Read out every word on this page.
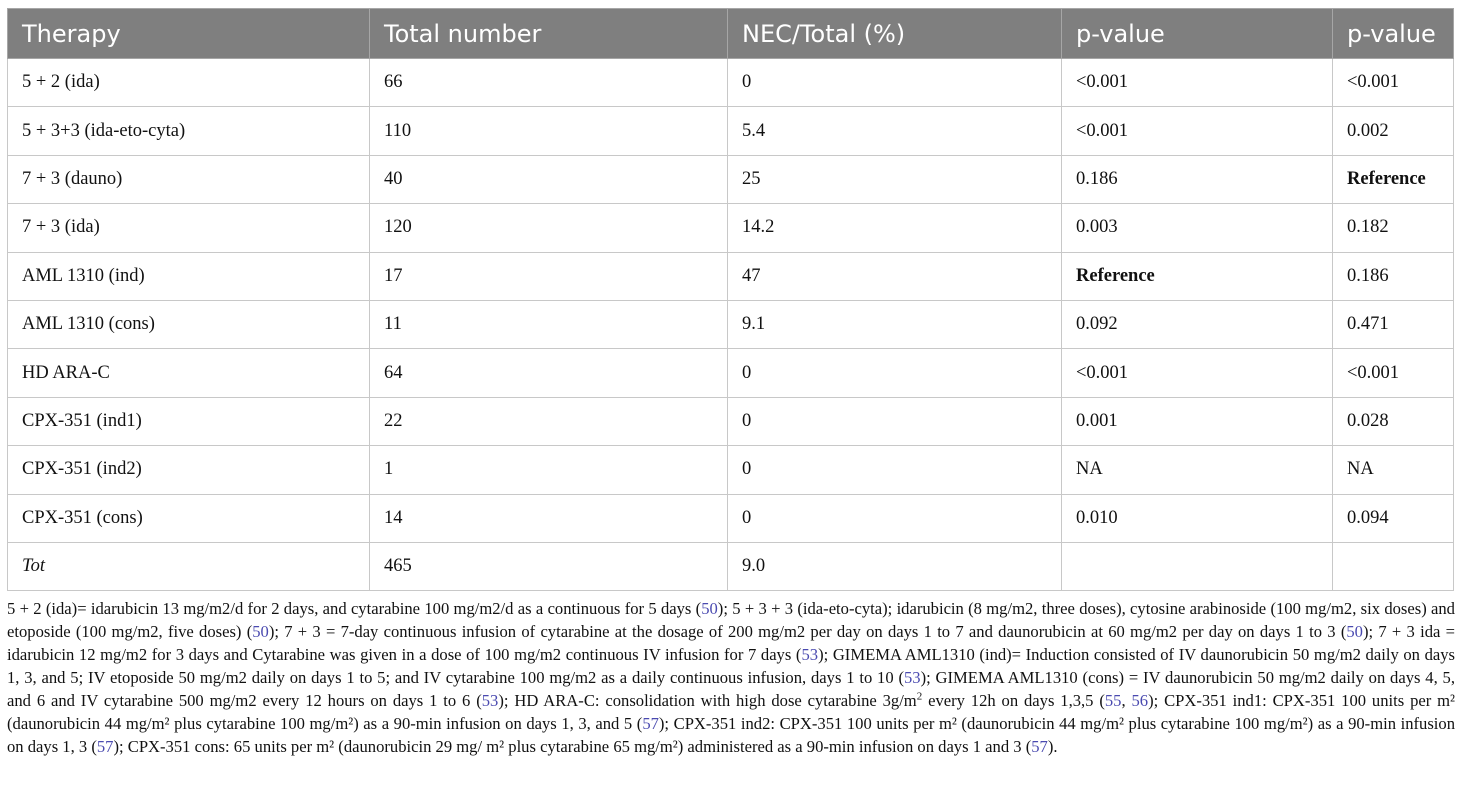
Therapy	Total number	NEC/Total (%)	p-value	p-value
5 + 2 (ida)	66	0	<0.001	<0.001
5 + 3+3 (ida-eto-cyta)	110	5.4	<0.001	0.002
7 + 3 (dauno)	40	25	0.186	Reference
7 + 3 (ida)	120	14.2	0.003	0.182
AML 1310 (ind)	17	47	Reference	0.186
AML 1310 (cons)	11	9.1	0.092	0.471
HD ARA-C	64	0	<0.001	<0.001
CPX-351 (ind1)	22	0	0.001	0.028
CPX-351 (ind2)	1	0	NA	NA
CPX-351 (cons)	14	0	0.010	0.094
Tot	465	9.0		
5 + 2 (ida)= idarubicin 13 mg/m2/d for 2 days, and cytarabine 100 mg/m2/d as a continuous for 5 days (50); 5 + 3 + 3 (ida-eto-cyta); idarubicin (8 mg/m2, three doses), cytosine arabinoside (100 mg/m2, six doses) and etoposide (100 mg/m2, five doses) (50); 7 + 3 = 7-day continuous infusion of cytarabine at the dosage of 200 mg/m2 per day on days 1 to 7 and daunorubicin at 60 mg/m2 per day on days 1 to 3 (50); 7 + 3 ida = idarubicin 12 mg/m2 for 3 days and Cytarabine was given in a dose of 100 mg/m2 continuous IV infusion for 7 days (53); GIMEMA AML1310 (ind)= Induction consisted of IV daunorubicin 50 mg/m2 daily on days 1, 3, and 5; IV etoposide 50 mg/m2 daily on days 1 to 5; and IV cytarabine 100 mg/m2 as a daily continuous infusion, days 1 to 10 (53); GIMEMA AML1310 (cons) = IV daunorubicin 50 mg/m2 daily on days 4, 5, and 6 and IV cytarabine 500 mg/m2 every 12 hours on days 1 to 6 (53); HD ARA-C: consolidation with high dose cytarabine $3g/m^2$ every 12h on days 1,3,5 (55, 56); CPX-351 ind1: CPX-351 100 units per m² (daunorubicin 44 mg/m² plus cytarabine 100 mg/m²) as a 90-min infusion on days 1, 3, and 5 (57); CPX-351 ind2: CPX-351 100 units per m² (daunorubicin 44 mg/m² plus cytarabine 100 mg/m²) as a 90-min infusion on days 1, 3 (57); CPX-351 cons: 65 units per m² (daunorubicin 29 mg/ m² plus cytarabine 65 mg/m²) administered as a 90-min infusion on days 1 and 3 (57).
